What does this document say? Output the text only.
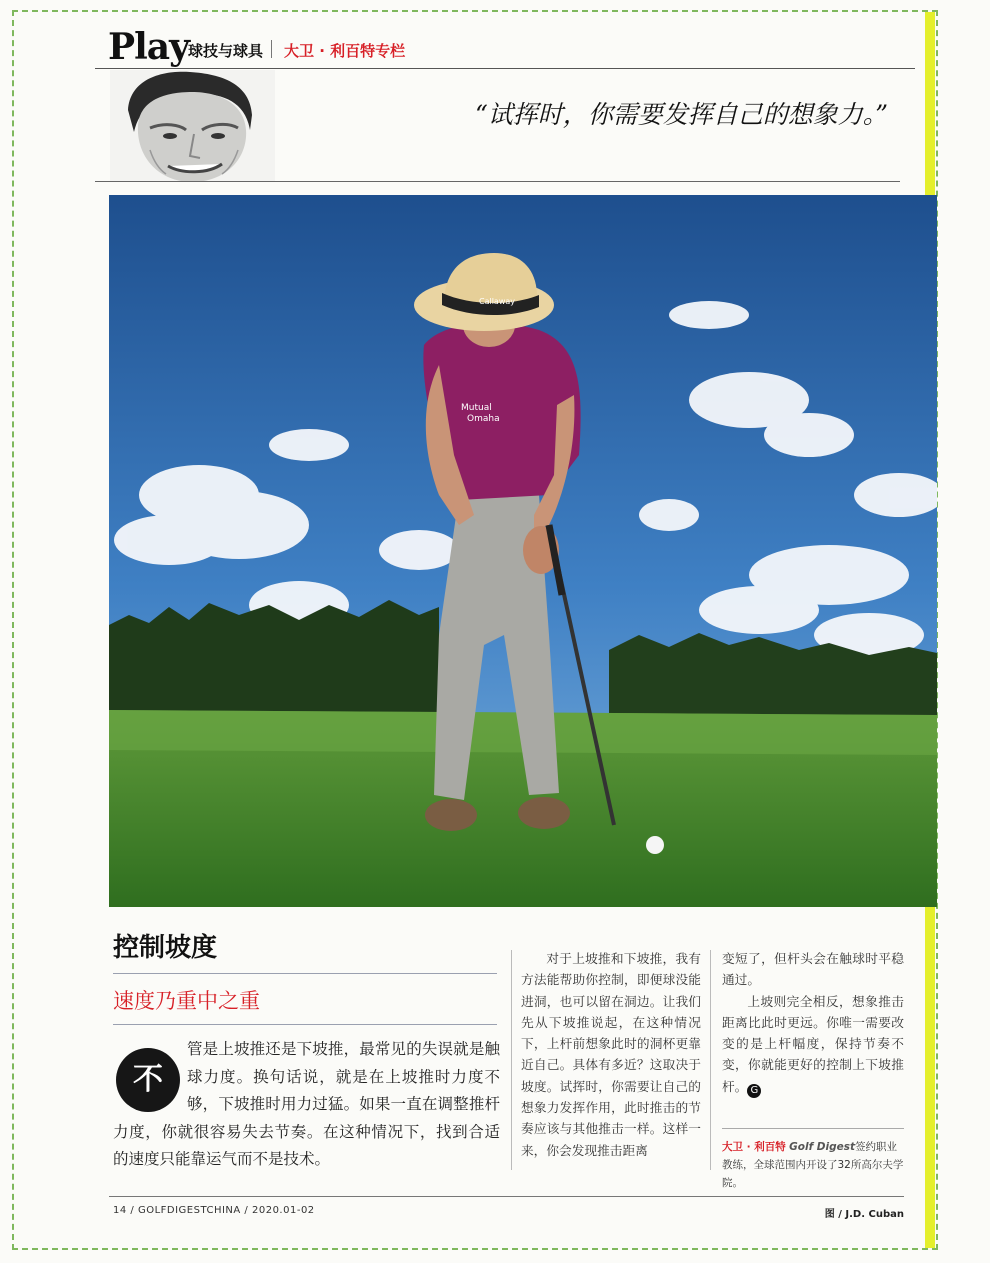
Play 球技与球具 大卫 · 利百特专栏
“试挥时，你需要发挥自己的想象力。”
Callaway
Mutual
Omaha
控制坡度
速度乃重中之重
管是上坡推还是下坡推，最常见的失误就是触球力度。换句话说，就是在上坡推时力度不够，下坡推时用力过猛。如果一直在调整推杆力度，你就很容易失去节奏。在这种情况下，找到合适的速度只能靠运气而不是技术。
不

对于上坡推和下坡推，我有方法能帮助你控制，即便球没能进洞，也可以留在洞边。让我们先从下坡推说起，在这种情况下，上杆前想象此时的洞杯更靠近自己。具体有多近？这取决于坡度。试挥时，你需要让自己的想象力发挥作用，此时推击的节奏应该与其他推击一样。这样一来，你会发现推击距离

变短了，但杆头会在触球时平稳通过。

上坡则完全相反，想象推击距离比此时更远。你唯一需要改变的是上杆幅度，保持节奏不变，你就能更好的控制上下坡推杆。 G

大卫 · 利百特 Golf Digest签约职业教练，全球范围内开设了32所高尔夫学院。
14 / GOLFDIGESTCHINA / 2020.01-02	图 / J.D. Cuban
